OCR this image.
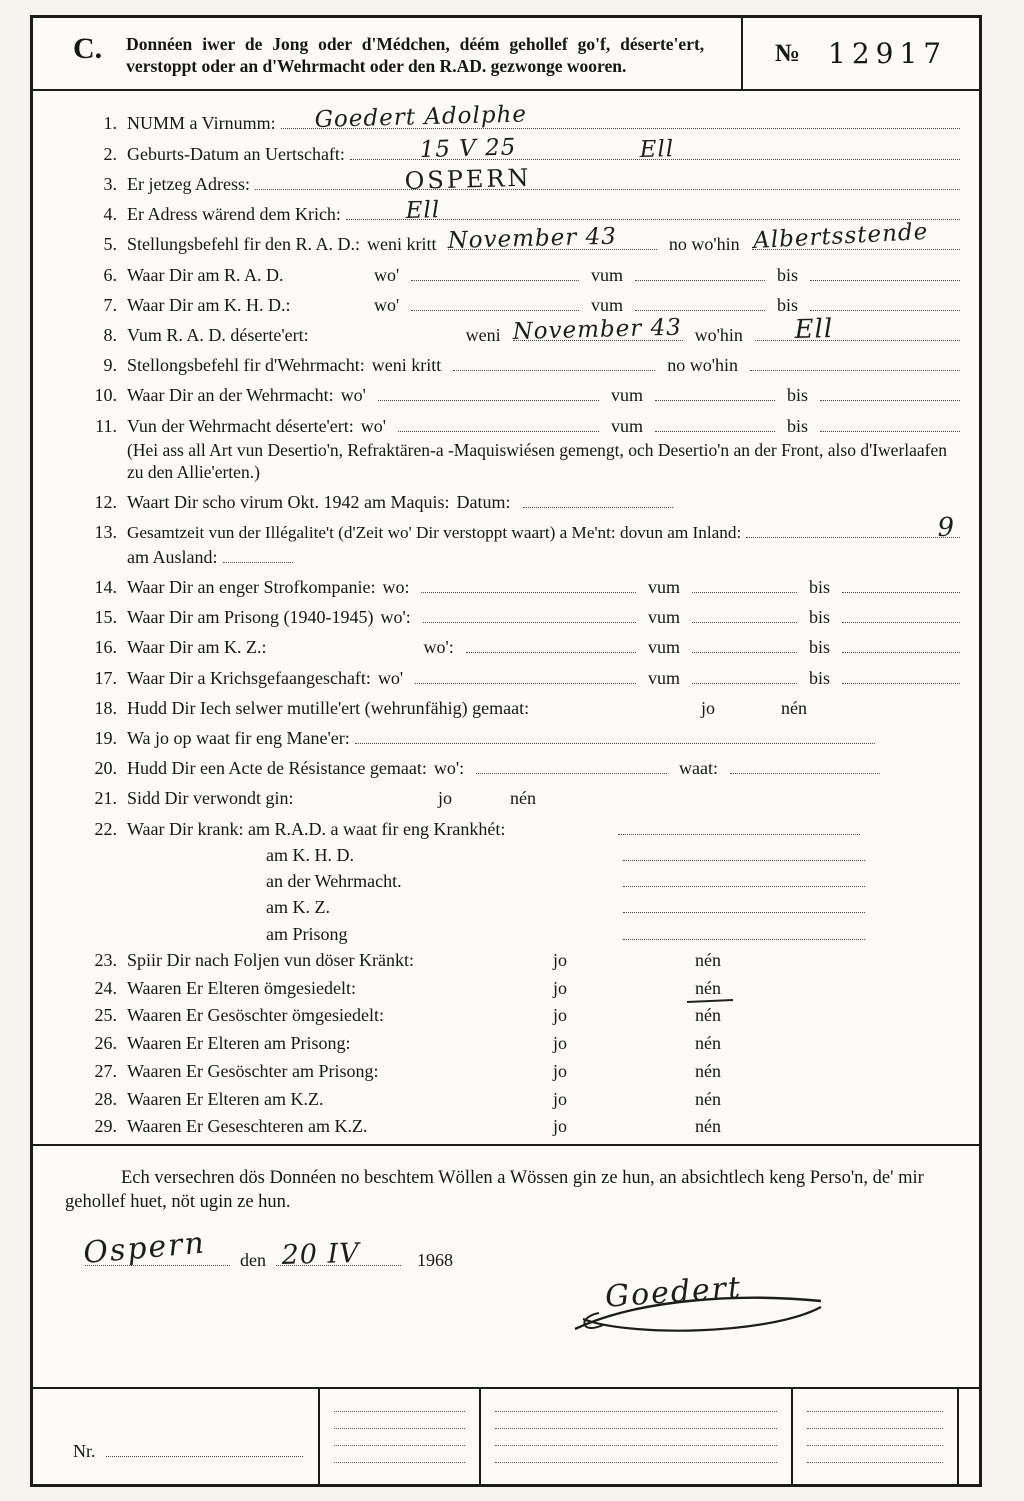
C. Donnéen iwer de Jong oder d'Médchen, déém gehollef go'f, déserte'ert, verstoppt oder an d'Wehrmacht oder den R.AD. gezwonge wooren.	№ 12917
1. NUMM a Virnumm: Goedert Adolphe
2. Geburts-Datum an Uertschaft:	15 V 25	Ell
3. Er jetzeg Adress:	OSPERN
4. Er Adress wärend dem Krich:	Ell
5. Stellungsbefehl fir den R. A. D.: weni kritt November 43	no wo'hin Albertsstende
6. Waar Dir am R. A. D.	wo'	vum	bis
7. Waar Dir am K. H. D.:	wo'	vum	bis
8. Vum R. A. D. déserte'ert:	weni November 43 wo'hin Ell
9. Stellongsbefehl fir d'Wehrmacht: weni kritt	no wo'hin
10. Waar Dir an der Wehrmacht: wo'	vum	bis
11. Vun der Wehrmacht déserte'ert: wo'	vum	bis
(Hei ass all Art vun Desertio'n, Refraktären-a -Maquiswiésen gemengt, och Desertio'n an der Front, also d'Iwerlaafen zu den Allie'erten.)
12. Waart Dir scho virum Okt. 1942 am Maquis: Datum:
13. Gesamtzeit vun der Illégalite't (d'Zeit wo' Dir verstoppt waart) a Me'nt: dovun am Inland:	9
am Ausland:
14. Waar Dir an enger Strofkompanie: wo:	vum	bis
15. Waar Dir am Prisong (1940-1945) wo':	vum	bis
16. Waar Dir am K. Z.:	wo':	vum	bis
17. Waar Dir a Krichsgefaangeschaft: wo'	vum	bis
18. Hudd Dir Iech selwer mutille'ert (wehrunfähig) gemaat:	jo	nén
19. Wa jo op waat fir eng Mane'er:
20. Hudd Dir een Acte de Résistance gemaat: wo':	waat:
21. Sidd Dir verwondt gin:	jo	nén
22. Waar Dir krank: am R.A.D. a waat fir eng Krankhét:
am K. H. D.
an der Wehrmacht.
am K. Z.
am Prisong
23. Spiir Dir nach Foljen vun döser Kränkt:	jo	nén
24. Waaren Er Elteren ömgesiedelt:	jo	nén
25. Waaren Er Gesöschter ömgesiedelt:	jo	nén
26. Waaren Er Elteren am Prisong:	jo	nén
27. Waaren Er Gesöschter am Prisong:	jo	nén
28. Waaren Er Elteren am K.Z.	jo	nén
29. Waaren Er Geseschteren am K.Z.	jo	nén
Ech versechren dös Donnéen no beschtem Wöllen a Wössen gin ze hun, an absichtlech keng Perso'n, de' mir gehollef huet, nöt ugin ze hun.
Ospern den 20 IV	1968
Goedert
Nr.
